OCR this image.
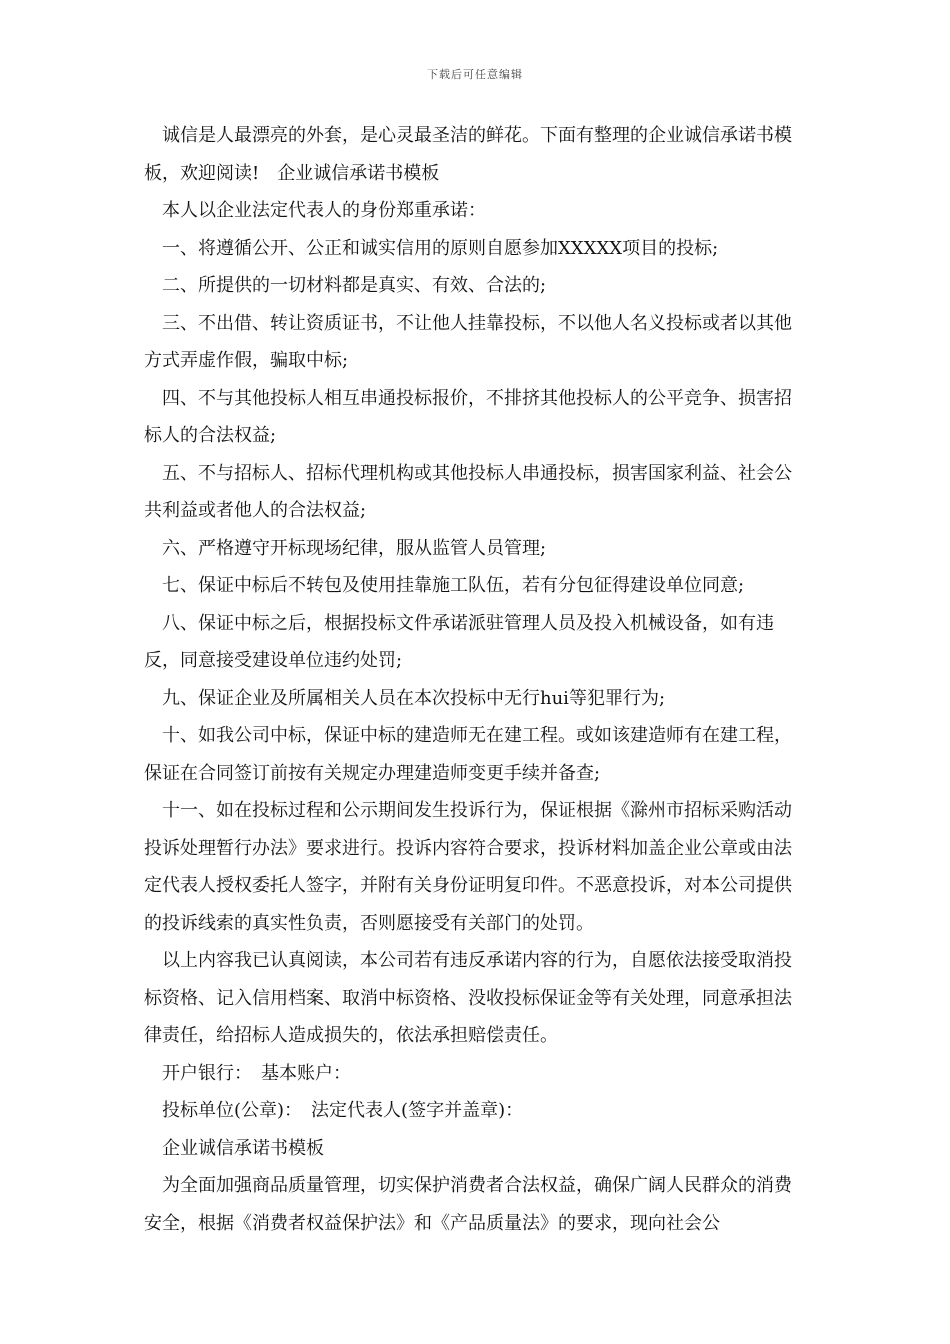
下载后可任意编辑

诚信是人最漂亮的外套，是心灵最圣洁的鲜花。下面有整理的企业诚信承诺书模板，欢迎阅读!　企业诚信承诺书模板

本人以企业法定代表人的身份郑重承诺：

一、将遵循公开、公正和诚实信用的原则自愿参加XXXXX项目的投标;

二、所提供的一切材料都是真实、有效、合法的;

三、不出借、转让资质证书，不让他人挂靠投标，不以他人名义投标或者以其他方式弄虚作假，骗取中标;

四、不与其他投标人相互串通投标报价，不排挤其他投标人的公平竞争、损害招标人的合法权益;

五、不与招标人、招标代理机构或其他投标人串通投标，损害国家利益、社会公共利益或者他人的合法权益;

六、严格遵守开标现场纪律，服从监管人员管理;

七、保证中标后不转包及使用挂靠施工队伍，若有分包征得建设单位同意;

八、保证中标之后，根据投标文件承诺派驻管理人员及投入机械设备，如有违反，同意接受建设单位违约处罚;

九、保证企业及所属相关人员在本次投标中无行hui等犯罪行为;

十、如我公司中标，保证中标的建造师无在建工程。或如该建造师有在建工程，保证在合同签订前按有关规定办理建造师变更手续并备查;

十一、如在投标过程和公示期间发生投诉行为，保证根据《滁州市招标采购活动投诉处理暂行办法》要求进行。投诉内容符合要求，投诉材料加盖企业公章或由法定代表人授权委托人签字，并附有关身份证明复印件。不恶意投诉，对本公司提供的投诉线索的真实性负责，否则愿接受有关部门的处罚。

以上内容我已认真阅读，本公司若有违反承诺内容的行为，自愿依法接受取消投标资格、记入信用档案、取消中标资格、没收投标保证金等有关处理，同意承担法律责任，给招标人造成损失的，依法承担赔偿责任。

开户银行：　基本账户：

投标单位(公章)：　法定代表人(签字并盖章)：

企业诚信承诺书模板

为全面加强商品质量管理，切实保护消费者合法权益，确保广阔人民群众的消费安全，根据《消费者权益保护法》和《产品质量法》的要求，现向社会公
